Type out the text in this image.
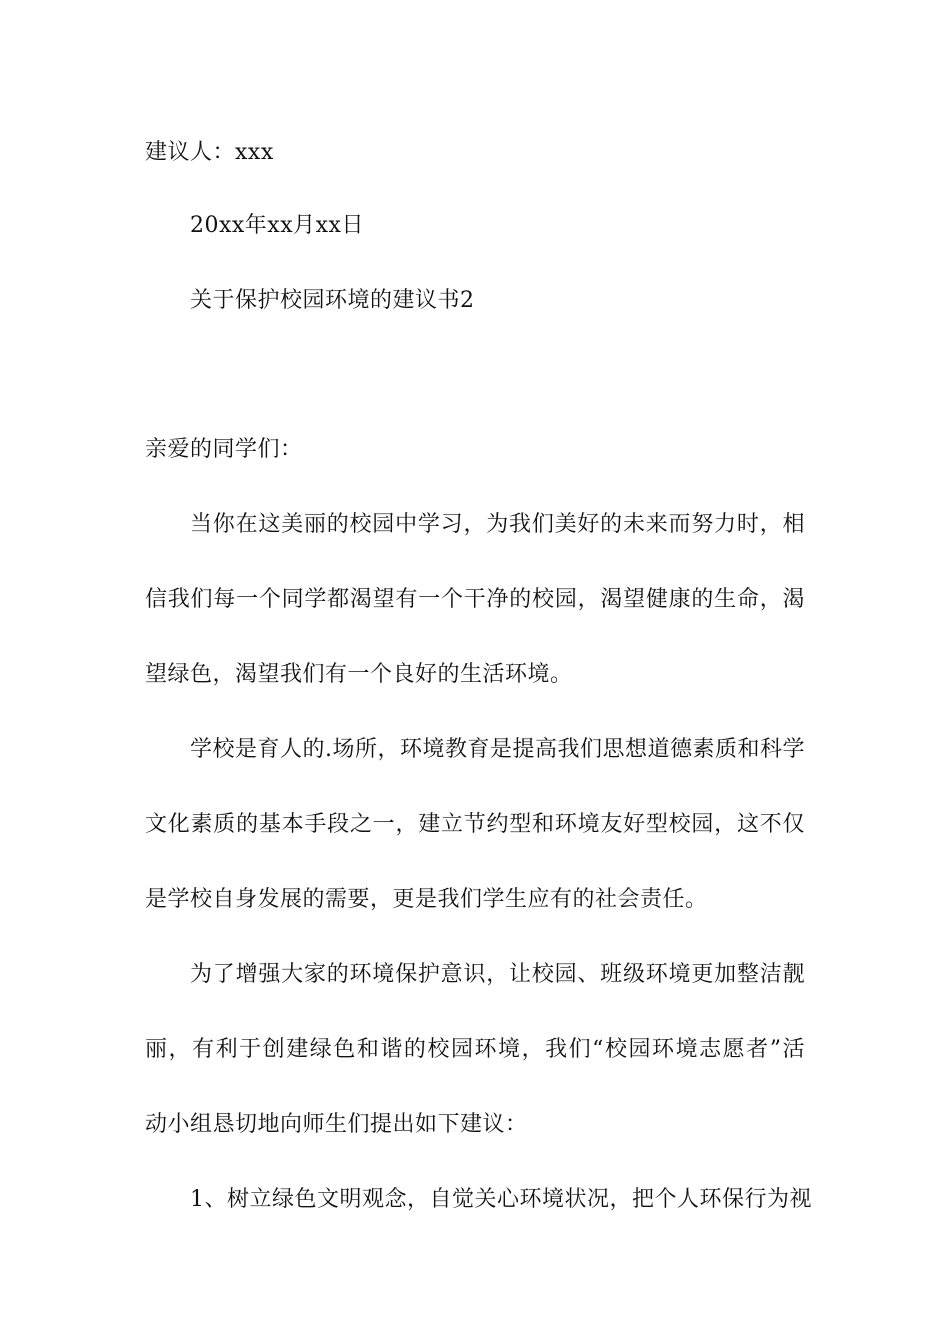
建议人：xxx
20xx年xx月xx日
关于保护校园环境的建议书2
亲爱的同学们：
当你在这美丽的校园中学习，为我们美好的未来而努力时，相
信我们每一个同学都渴望有一个干净的校园，渴望健康的生命，渴
望绿色，渴望我们有一个良好的生活环境。
学校是育人的.场所，环境教育是提高我们思想道德素质和科学
文化素质的基本手段之一，建立节约型和环境友好型校园，这不仅
是学校自身发展的需要，更是我们学生应有的社会责任。
为了增强大家的环境保护意识，让校园、班级环境更加整洁靓
丽，有利于创建绿色和谐的校园环境，我们“校园环境志愿者”活
动小组恳切地向师生们提出如下建议：
1、树立绿色文明观念，自觉关心环境状况，把个人环保行为视
